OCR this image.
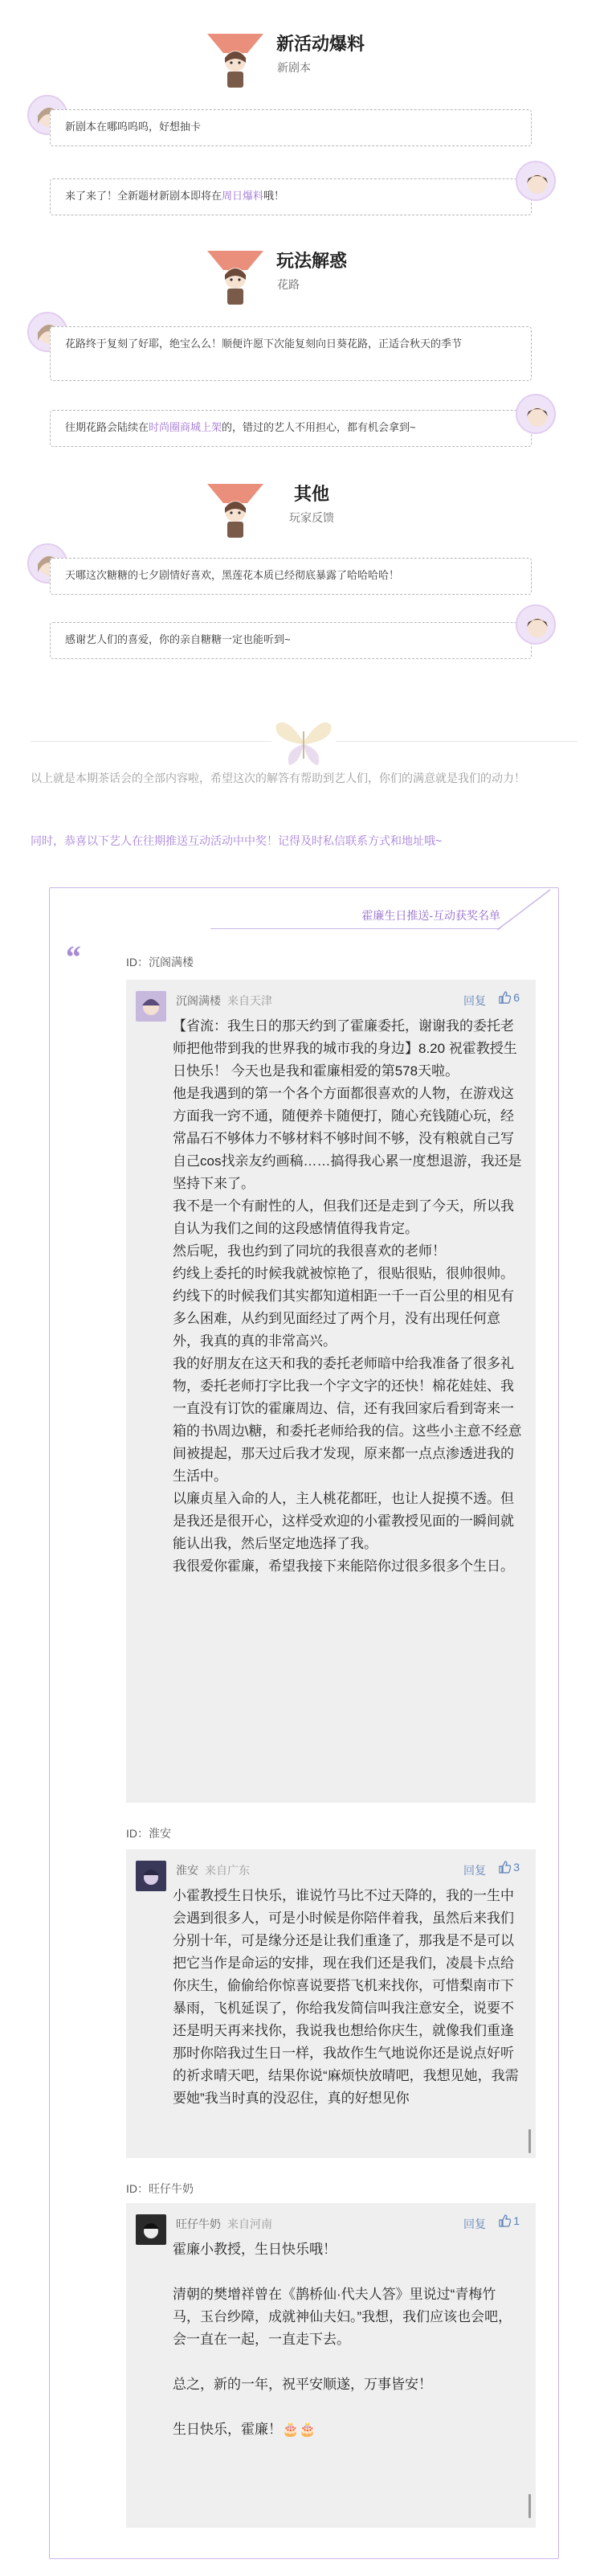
新活动爆料
新剧本
新剧本在哪呜呜呜，好想抽卡
来了来了！全新题材新剧本即将在周日爆料哦！
玩法解惑
花路
花路终于复刻了好耶，绝宝么么！顺便许愿下次能复刻向日葵花路，正适合秋天的季节
往期花路会陆续在时尚圈商城上架的，错过的艺人不用担心，都有机会拿到~
其他
玩家反馈
天哪这次糖糖的七夕剧情好喜欢，黑莲花本质已经彻底暴露了哈哈哈哈！
感谢艺人们的喜爱，你的亲自糖糖一定也能听到~
以上就是本期茶话会的全部内容啦，希望这次的解答有帮助到艺人们，你们的满意就是我们的动力！
同时，恭喜以下艺人在往期推送互动活动中中奖！记得及时私信联系方式和地址哦~
霍廉生日推送-互动获奖名单
“	ID：沉阁满楼
沉阁满楼 来自天津	回复	6
【省流：我生日的那天约到了霍廉委托，谢谢我的委托老师把他带到我的世界我的城市我的身边】8.20 祝霍教授生日快乐！ 今天也是我和霍廉相爱的第578天啦。
他是我遇到的第一个各个方面都很喜欢的人物，在游戏这方面我一窍不通，随便养卡随便打，随心充钱随心玩，经常晶石不够体力不够材料不够时间不够，没有粮就自己写自己cos找亲友约画稿……搞得我心累一度想退游，我还是坚持下来了。
我不是一个有耐性的人，但我们还是走到了今天，所以我自认为我们之间的这段感情值得我肯定。
然后呢，我也约到了同坑的我很喜欢的老师！
约线上委托的时候我就被惊艳了，很贴很贴，很帅很帅。约线下的时候我们其实都知道相距一千一百公里的相见有多么困难，从约到见面经过了两个月，没有出现任何意外，我真的真的非常高兴。
我的好朋友在这天和我的委托老师暗中给我准备了很多礼物，委托老师打字比我一个字文字的还快！棉花娃娃、我一直没有订饮的霍廉周边、信，还有我回家后看到寄来一箱的书\周边\糖，和委托老师给我的信。这些小主意不经意间被提起，那天过后我才发现，原来都一点点渗透进我的生活中。
以廉贞星入命的人，主人桃花都旺，也让人捉摸不透。但是我还是很开心，这样受欢迎的小霍教授见面的一瞬间就能认出我，然后坚定地选择了我。
我很爱你霍廉，希望我接下来能陪你过很多很多个生日。
ID：淮安
淮安 来自广东	回复	3
小霍教授生日快乐，谁说竹马比不过天降的，我的一生中会遇到很多人，可是小时候是你陪伴着我，虽然后来我们分别十年，可是缘分还是让我们重逢了，那我是不是可以把它当作是命运的安排，现在我们还是我们，凌晨卡点给你庆生，偷偷给你惊喜说要搭飞机来找你，可惜梨南市下暴雨，飞机延误了，你给我发简信叫我注意安全，说要不还是明天再来找你，我说我也想给你庆生，就像我们重逢那时你陪我过生日一样，我故作生气地说你还是说点好听的祈求晴天吧，结果你说“麻烦快放晴吧，我想见她，我需要她”我当时真的没忍住，真的好想见你
ID：旺仔牛奶
旺仔牛奶 来自河南	回复	1
霍廉小教授，生日快乐哦！

清朝的樊增祥曾在《鹊桥仙·代夫人答》里说过“青梅竹马，玉台纱障，成就神仙夫妇。”我想，我们应该也会吧，会一直在一起，一直走下去。

总之，新的一年，祝平安顺遂，万事皆安！

生日快乐，霍廉！🎂🎂
